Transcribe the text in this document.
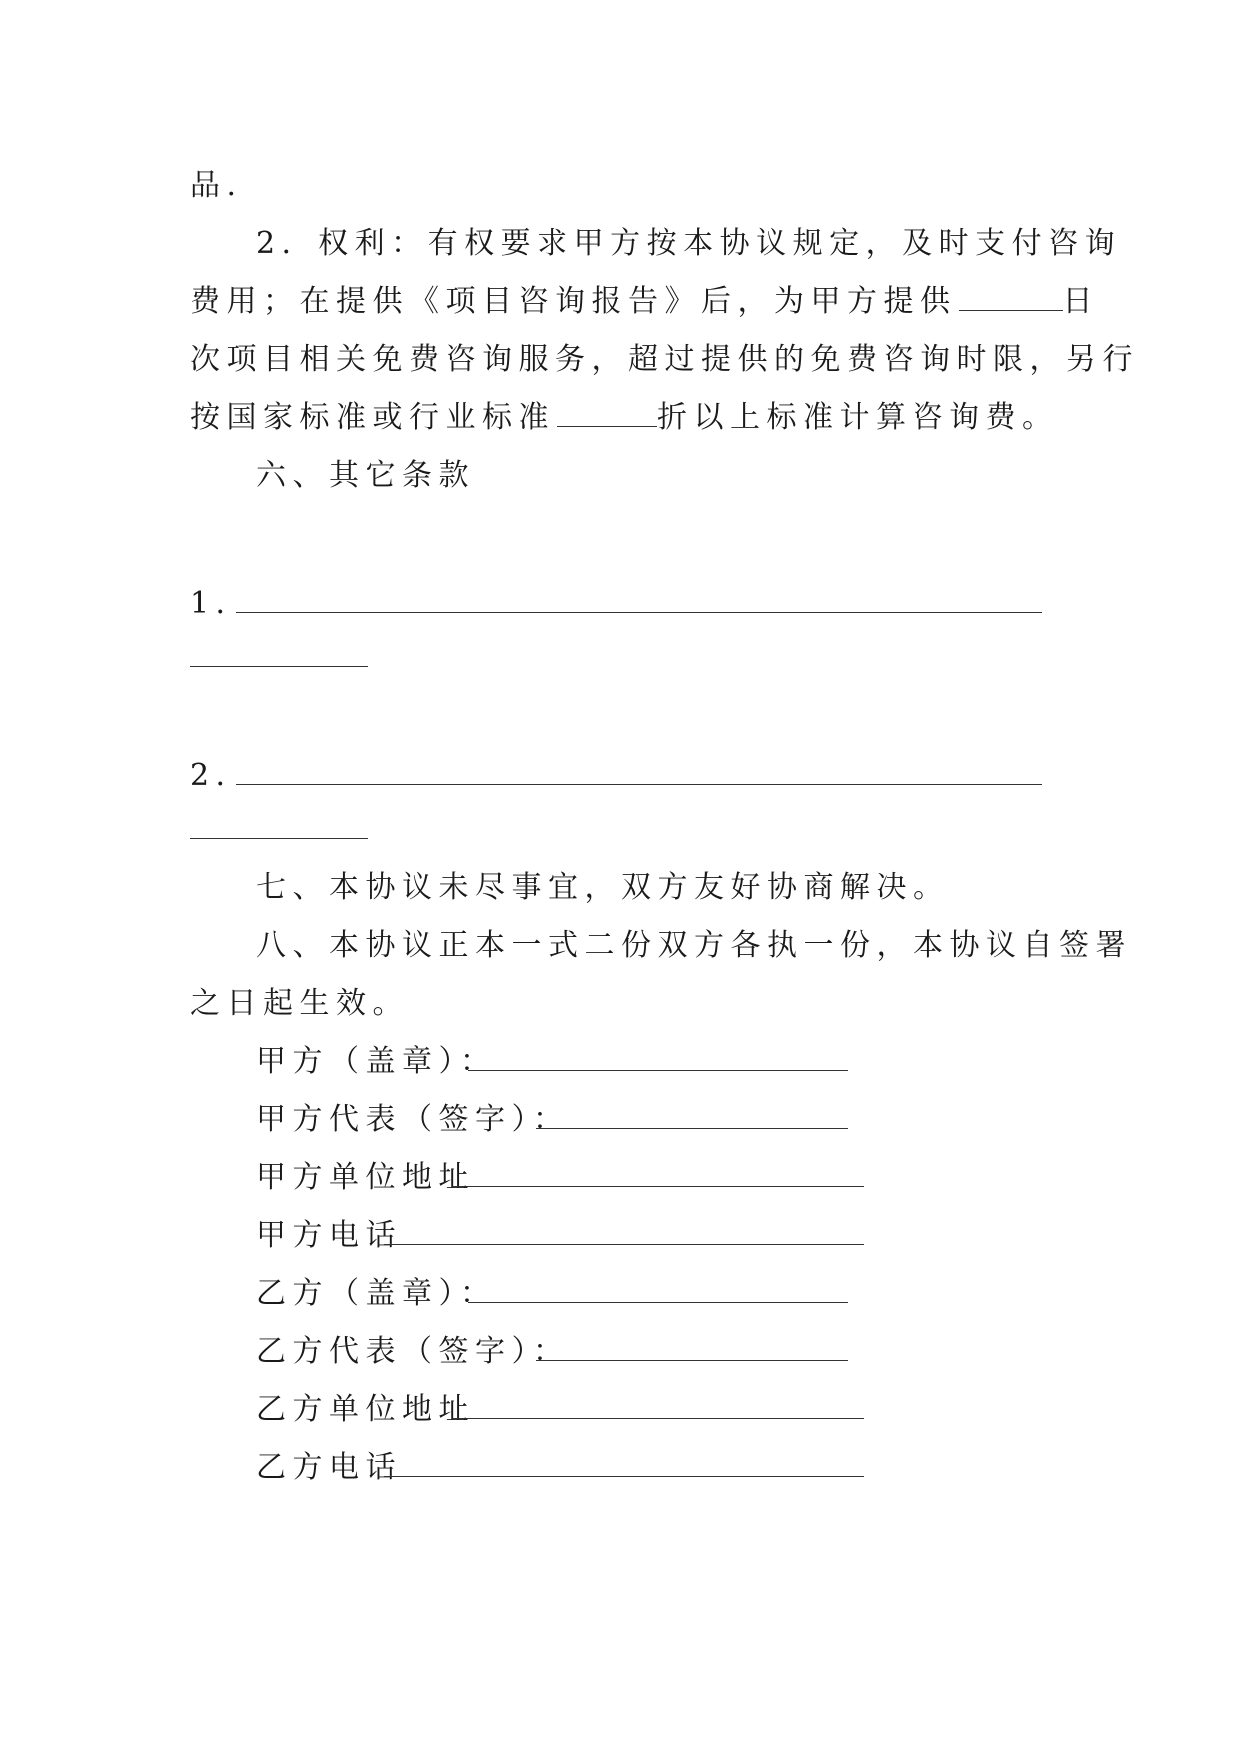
品.
2．权利：有权要求甲方按本协议规定，及时支付咨询
费用；在提供《项目咨询报告》后，为甲方提供	日
次项目相关免费咨询服务，超过提供的免费咨询时限，另行
按国家标准或行业标准	折以上标准计算咨询费。
六、其它条款
1．
2．
七、本协议未尽事宜，双方友好协商解决。
八、本协议正本一式二份双方各执一份，本协议自签署
之日起生效。
甲方（盖章）：
甲方代表（签字）：
甲方单位地址
甲方电话
乙方（盖章）：
乙方代表（签字）：
乙方单位地址
乙方电话
